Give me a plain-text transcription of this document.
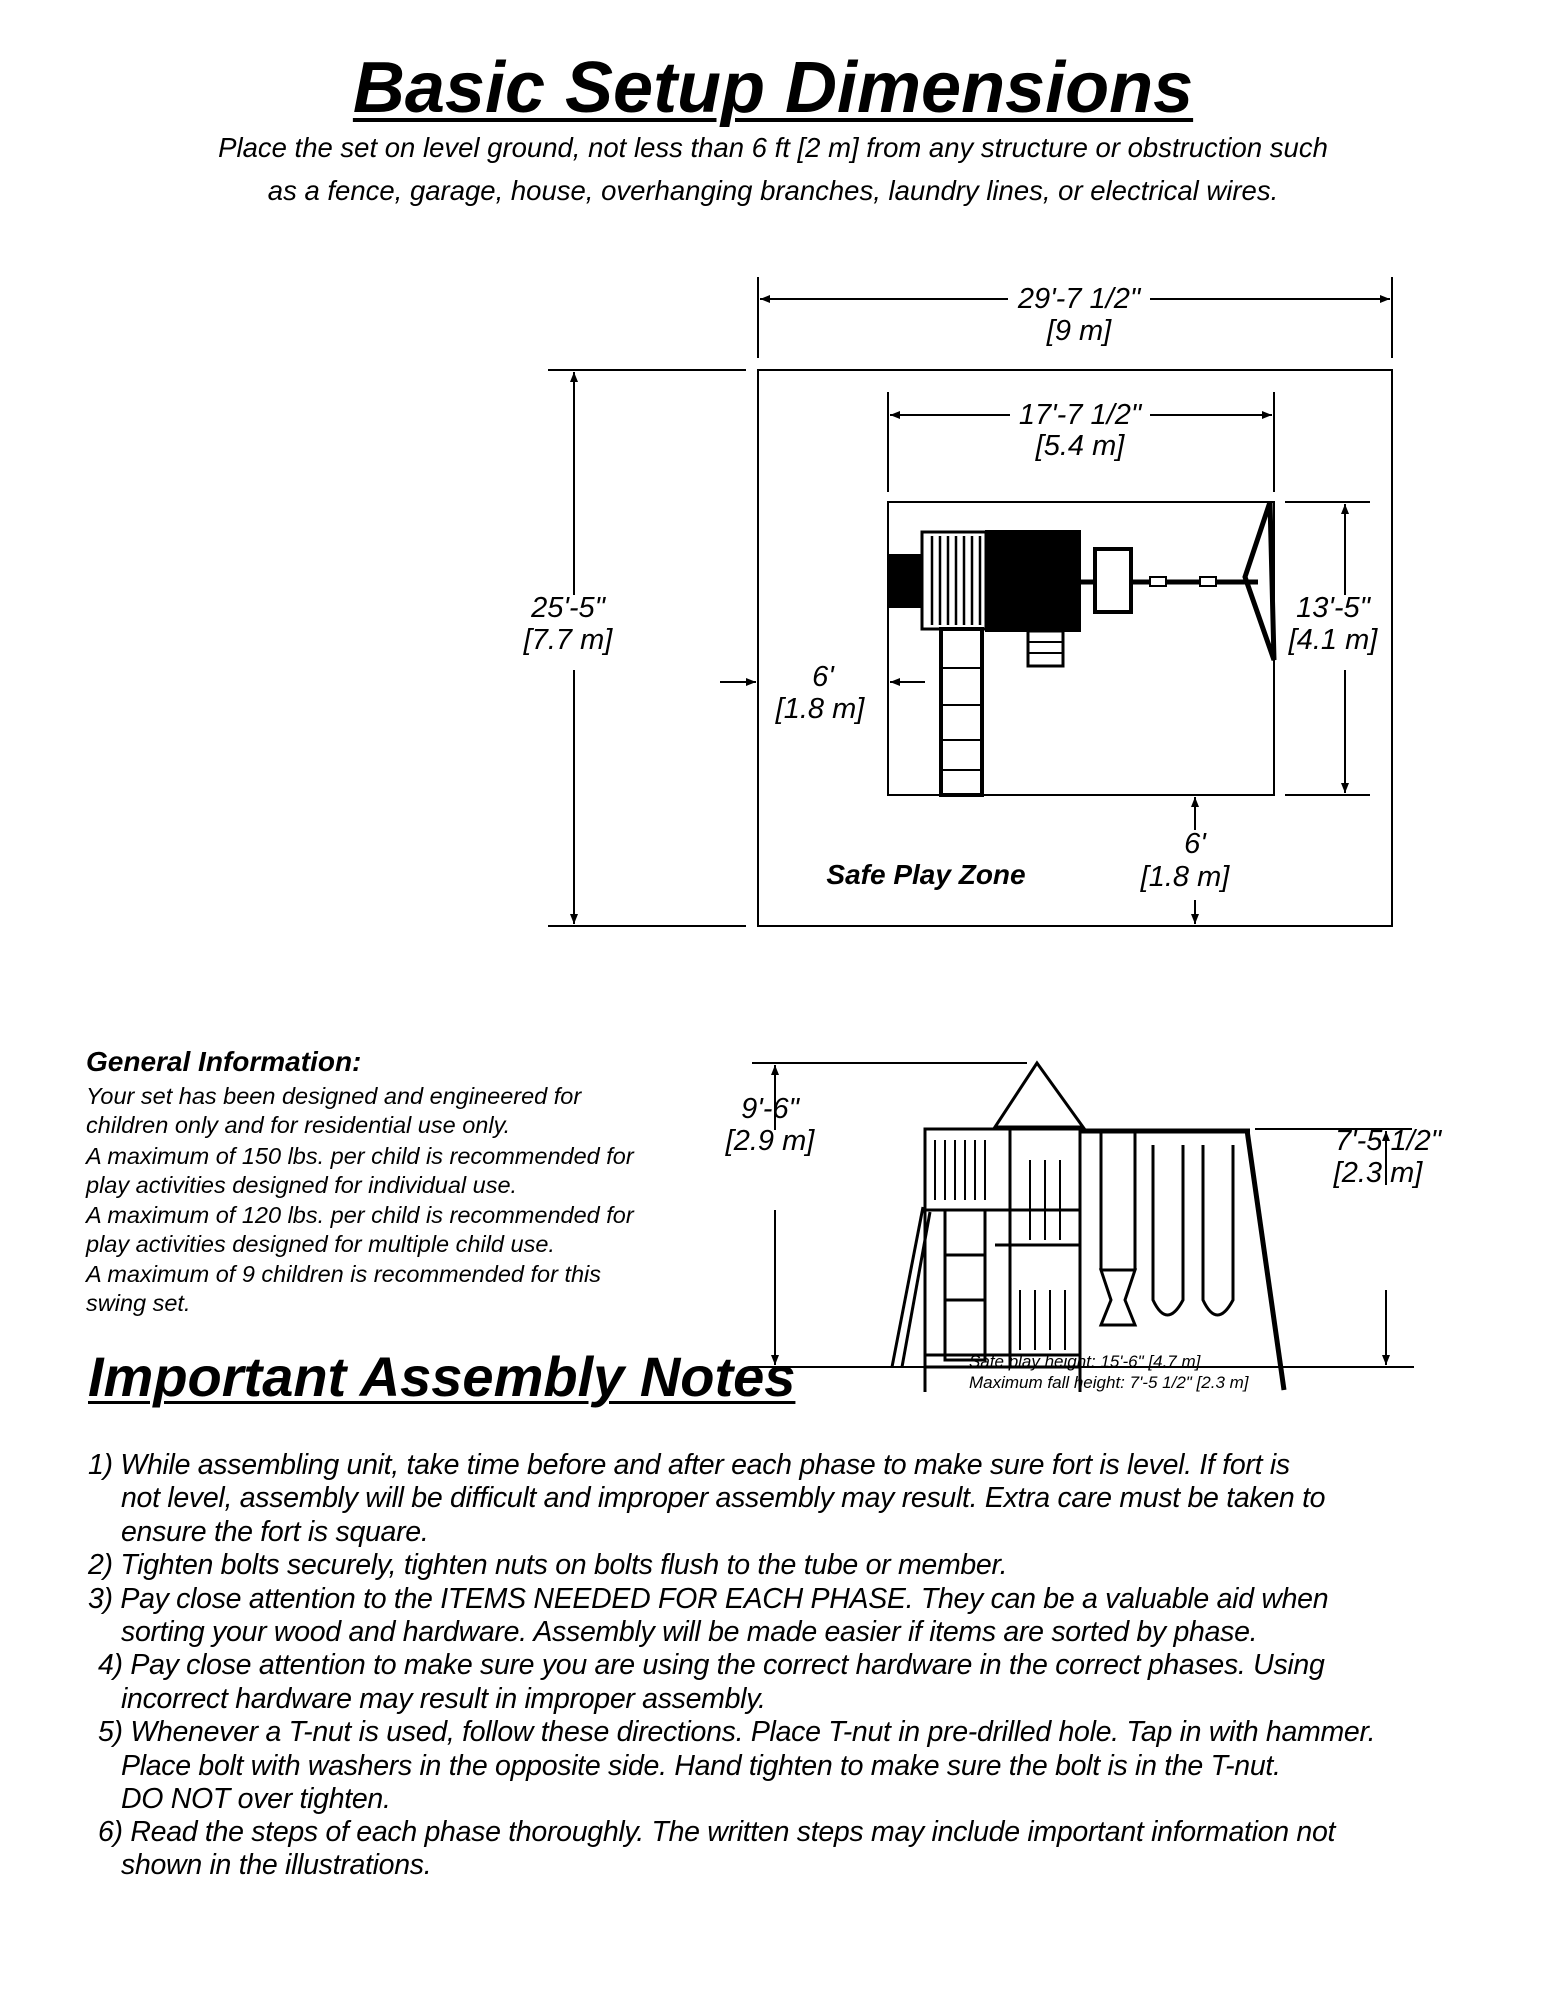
Basic Setup Dimensions
Place the set on level ground, not less than 6 ft [2 m] from any structure or obstruction such
as a fence, garage, house, overhanging branches, laundry lines, or electrical wires.
29'-7 1/2"
[9 m]
17'-7 1/2"
[5.4 m]
13'-5"
[4.1 m]
25'-5"
[7.7 m]
6'
[1.8 m]
6'
[1.8 m]
Safe Play Zone
9'-6"
[2.9 m]	7'-5 1/2"
[2.3 m]
General Information:
Your set has been designed and engineered for
children only and for residential use only.
A maximum of 150 lbs. per child is recommended for
play activities designed for individual use.
A maximum of 120 lbs. per child is recommended for
play activities designed for multiple child use.
A maximum of 9 children is recommended for this
swing set.
Important Assembly Notes	Safe play height: 15'-6" [4.7 m]
Maximum fall height: 7'-5 1/2" [2.3 m]
1) While assembling unit, take time before and after each phase to make sure fort is level. If fort is
not level, assembly will be difficult and improper assembly may result. Extra care must be taken to
ensure the fort is square.
2) Tighten bolts securely, tighten nuts on bolts flush to the tube or member.
3) Pay close attention to the ITEMS NEEDED FOR EACH PHASE. They can be a valuable aid when
sorting your wood and hardware. Assembly will be made easier if items are sorted by phase.
4) Pay close attention to make sure you are using the correct hardware in the correct phases. Using
incorrect hardware may result in improper assembly.
5) Whenever a T-nut is used, follow these directions. Place T-nut in pre-drilled hole. Tap in with hammer.
Place bolt with washers in the opposite side. Hand tighten to make sure the bolt is in the T-nut.
DO NOT over tighten.
6) Read the steps of each phase thoroughly. The written steps may include important information not
shown in the illustrations.
